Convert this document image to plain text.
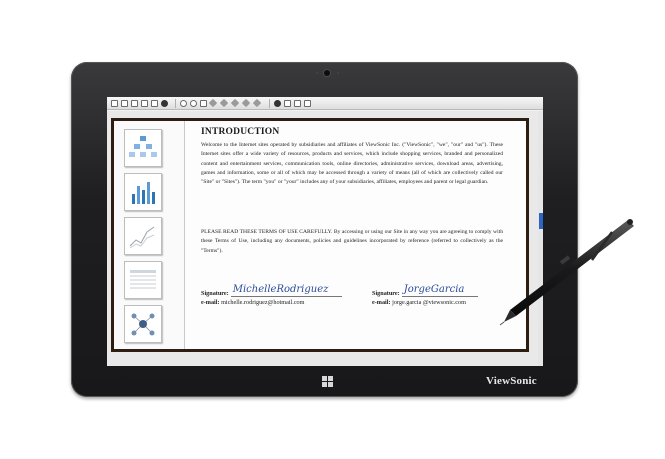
INTRODUCTION
Welcome to the Internet sites operated by subsidiaries and affiliates of ViewSonic Inc. ("ViewSonic", "we", "our" and "us"). These Internet sites offer a wide variety of resources, products and services, which include shopping services, branded and personalized content and entertainment services, communication tools, online directories, administrative services, download areas, advertising, games and information, some or all of which may be accessed through a variety of means (all of which are collectively called our "Site" or "Sites"). The term "you" or "your" includes any of your subsidiaries, affiliates, employees and parent or legal guardian.
PLEASE READ THESE TERMS OF USE CAREFULLY. By accessing or using our Site in any way you are agreeing to comply with these Terms of Use, including any documents, policies and guidelines incorporated by reference (referred to collectively as the "Terms").
Signature: MichelleRodriguez
e-mail: michelle.rodriguez@hotmail.com
Signature: JorgeGarcia
e-mail: jorge.garcia @viewsonic.com
ViewSonic
